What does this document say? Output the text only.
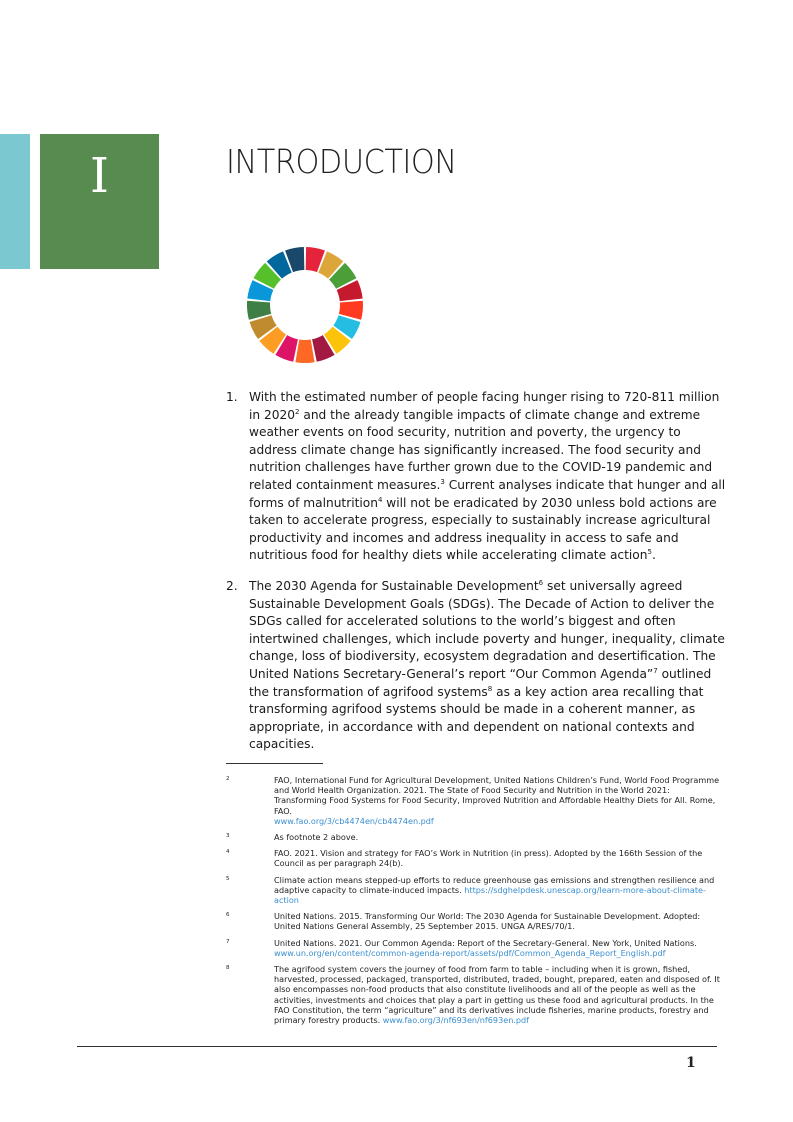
I	INTRODUCTION
1. With the estimated number of people facing hunger rising to 720-811 million in 2020$^2$ and the already tangible impacts of climate change and extreme weather events on food security, nutrition and poverty, the urgency to address climate change has significantly increased. The food security and nutrition challenges have further grown due to the COVID-19 pandemic and related containment measures.$^3$ Current analyses indicate that hunger and all forms of malnutrition$^4$ will not be eradicated by 2030 unless bold actions are taken to accelerate progress, especially to sustainably increase agricultural productivity and incomes and address inequality in access to safe and nutritious food for healthy diets while accelerating climate action$^5$.
2. The 2030 Agenda for Sustainable Development$^6$ set universally agreed Sustainable Development Goals (SDGs). The Decade of Action to deliver the SDGs called for accelerated solutions to the world’s biggest and often intertwined challenges, which include poverty and hunger, inequality, climate change, loss of biodiversity, ecosystem degradation and desertification. The United Nations Secretary-General’s report “Our Common Agenda”$^7$ outlined the transformation of agrifood systems$^8$ as a key action area recalling that transforming agrifood systems should be made in a coherent manner, as appropriate, in accordance with and dependent on national contexts and capacities.
2	FAO, International Fund for Agricultural Development, United Nations Children’s Fund, World Food Programme and World Health Organization. 2021. The State of Food Security and Nutrition in the World 2021: Transforming Food Systems for Food Security, Improved Nutrition and Affordable Healthy Diets for All. Rome, FAO.
www.fao.org/3/cb4474en/cb4474en.pdf
3	As footnote 2 above.
4	FAO. 2021. Vision and strategy for FAO’s Work in Nutrition (in press). Adopted by the 166th Session of the Council as per paragraph 24(b).
5	Climate action means stepped-up efforts to reduce greenhouse gas emissions and strengthen resilience and adaptive capacity to climate-induced impacts. https://sdghelpdesk.unescap.org/learn-more-about-climate-action
6	United Nations. 2015. Transforming Our World: The 2030 Agenda for Sustainable Development. Adopted: United Nations General Assembly, 25 September 2015. UNGA A/RES/70/1.
7	United Nations. 2021. Our Common Agenda: Report of the Secretary-General. New York, United Nations.
www.un.org/en/content/common-agenda-report/assets/pdf/Common_Agenda_Report_English.pdf
8	The agrifood system covers the journey of food from farm to table – including when it is grown, fished, harvested, processed, packaged, transported, distributed, traded, bought, prepared, eaten and disposed of. It also encompasses non-food products that also constitute livelihoods and all of the people as well as the activities, investments and choices that play a part in getting us these food and agricultural products. In the FAO Constitution, the term “agriculture” and its derivatives include fisheries, marine products, forestry and primary forestry products. www.fao.org/3/nf693en/nf693en.pdf
1
